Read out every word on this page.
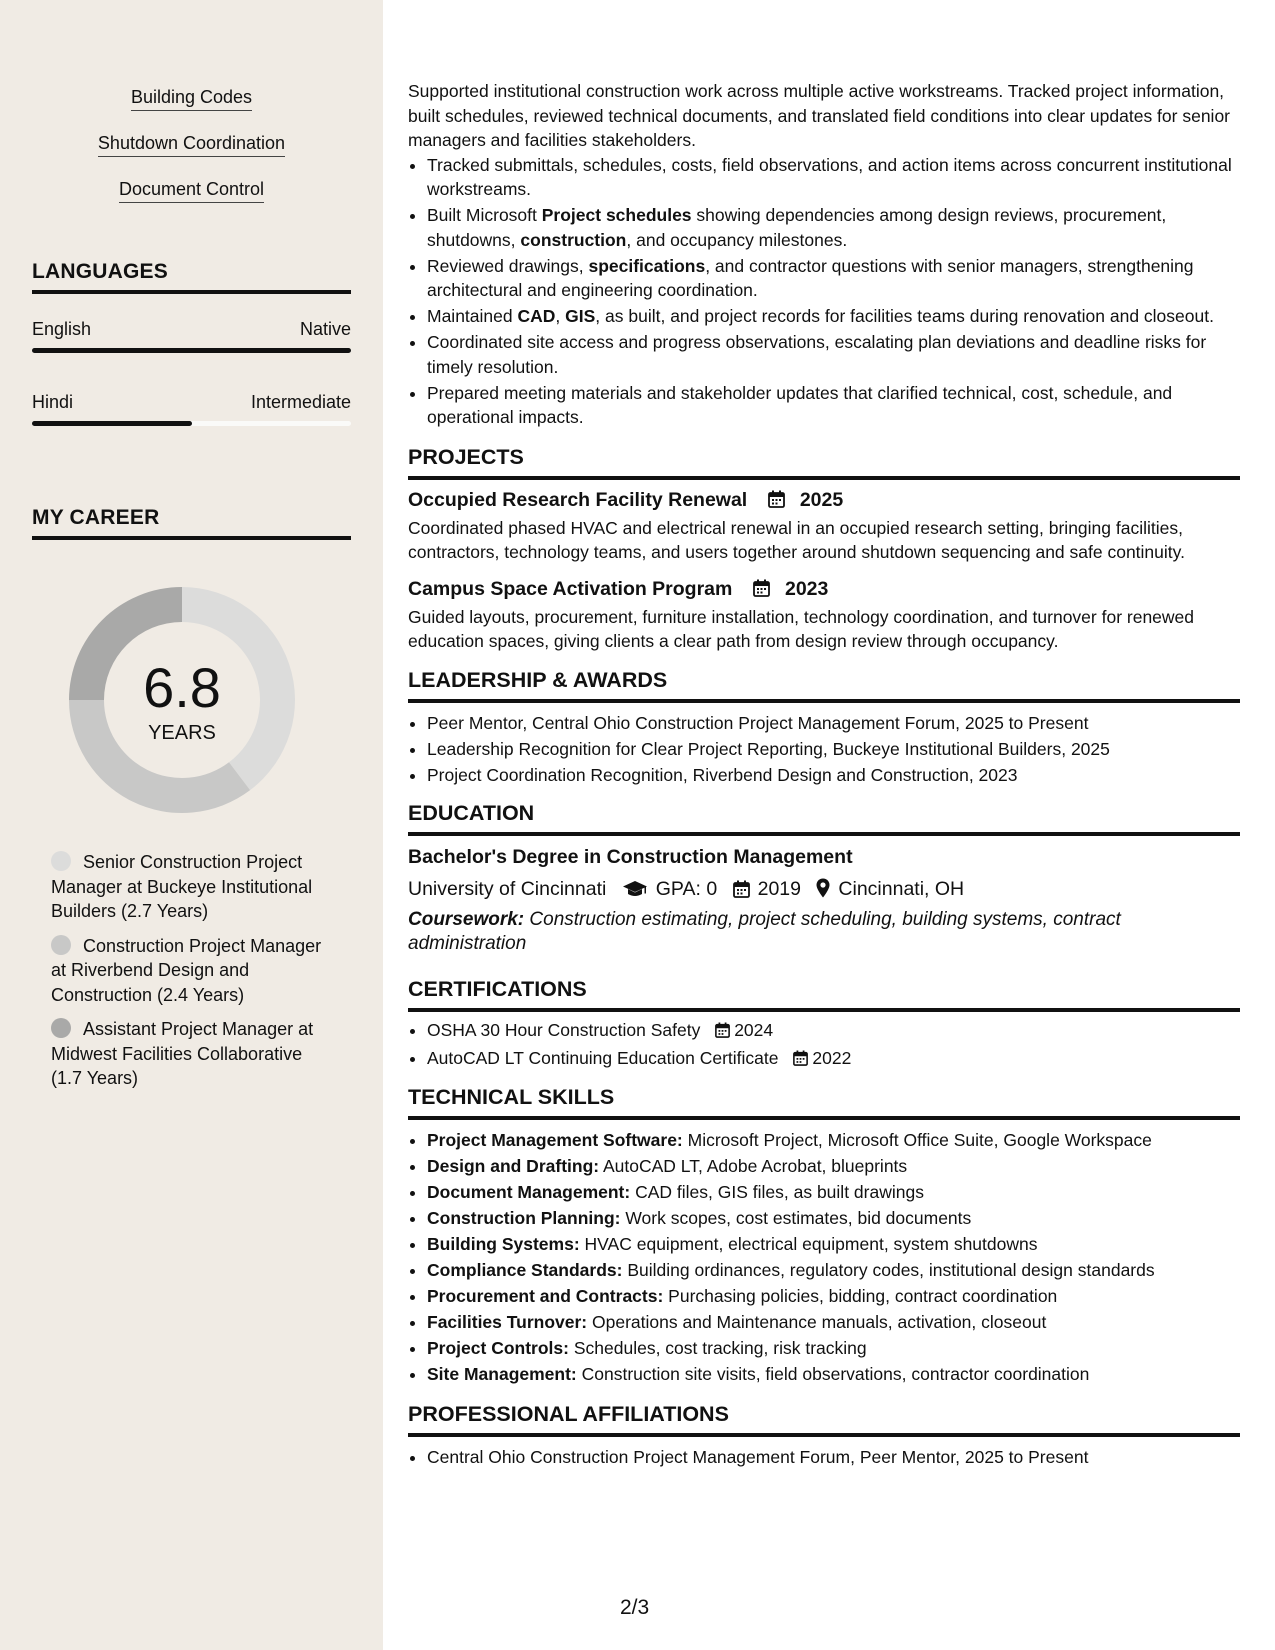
Building Codes
Shutdown Coordination
Document Control
LANGUAGES
English	Native
Hindi	Intermediate
MY CAREER
6.8
YEARS
Senior Construction Project Manager at Buckeye Institutional Builders (2.7 Years)
Construction Project Manager at Riverbend Design and Construction (2.4 Years)
Assistant Project Manager at Midwest Facilities Collaborative (1.7 Years)
Supported institutional construction work across multiple active workstreams. Tracked project information, built schedules, reviewed technical documents, and translated field conditions into clear updates for senior managers and facilities stakeholders.
• Tracked submittals, schedules, costs, field observations, and action items across concurrent institutional workstreams.
• Built Microsoft Project schedules showing dependencies among design reviews, procurement, shutdowns, construction, and occupancy milestones.
• Reviewed drawings, specifications, and contractor questions with senior managers, strengthening architectural and engineering coordination.
• Maintained CAD, GIS, as built, and project records for facilities teams during renovation and closeout.
• Coordinated site access and progress observations, escalating plan deviations and deadline risks for timely resolution.
• Prepared meeting materials and stakeholder updates that clarified technical, cost, schedule, and operational impacts.
PROJECTS
Occupied Research Facility Renewal	2025
Coordinated phased HVAC and electrical renewal in an occupied research setting, bringing facilities, contractors, technology teams, and users together around shutdown sequencing and safe continuity.
Campus Space Activation Program	2023
Guided layouts, procurement, furniture installation, technology coordination, and turnover for renewed education spaces, giving clients a clear path from design review through occupancy.
LEADERSHIP & AWARDS
• Peer Mentor, Central Ohio Construction Project Management Forum, 2025 to Present
• Leadership Recognition for Clear Project Reporting, Buckeye Institutional Builders, 2025
• Project Coordination Recognition, Riverbend Design and Construction, 2023
EDUCATION
Bachelor's Degree in Construction Management
University of Cincinnati	GPA: 0 2019 Cincinnati, OH
Coursework: Construction estimating, project scheduling, building systems, contract administration
CERTIFICATIONS
• OSHA 30 Hour Construction Safety 2024
• AutoCAD LT Continuing Education Certificate 2022
TECHNICAL SKILLS
• Project Management Software: Microsoft Project, Microsoft Office Suite, Google Workspace
• Design and Drafting: AutoCAD LT, Adobe Acrobat, blueprints
• Document Management: CAD files, GIS files, as built drawings
• Construction Planning: Work scopes, cost estimates, bid documents
• Building Systems: HVAC equipment, electrical equipment, system shutdowns
• Compliance Standards: Building ordinances, regulatory codes, institutional design standards
• Procurement and Contracts: Purchasing policies, bidding, contract coordination
• Facilities Turnover: Operations and Maintenance manuals, activation, closeout
• Project Controls: Schedules, cost tracking, risk tracking
• Site Management: Construction site visits, field observations, contractor coordination
PROFESSIONAL AFFILIATIONS
• Central Ohio Construction Project Management Forum, Peer Mentor, 2025 to Present
2/3
